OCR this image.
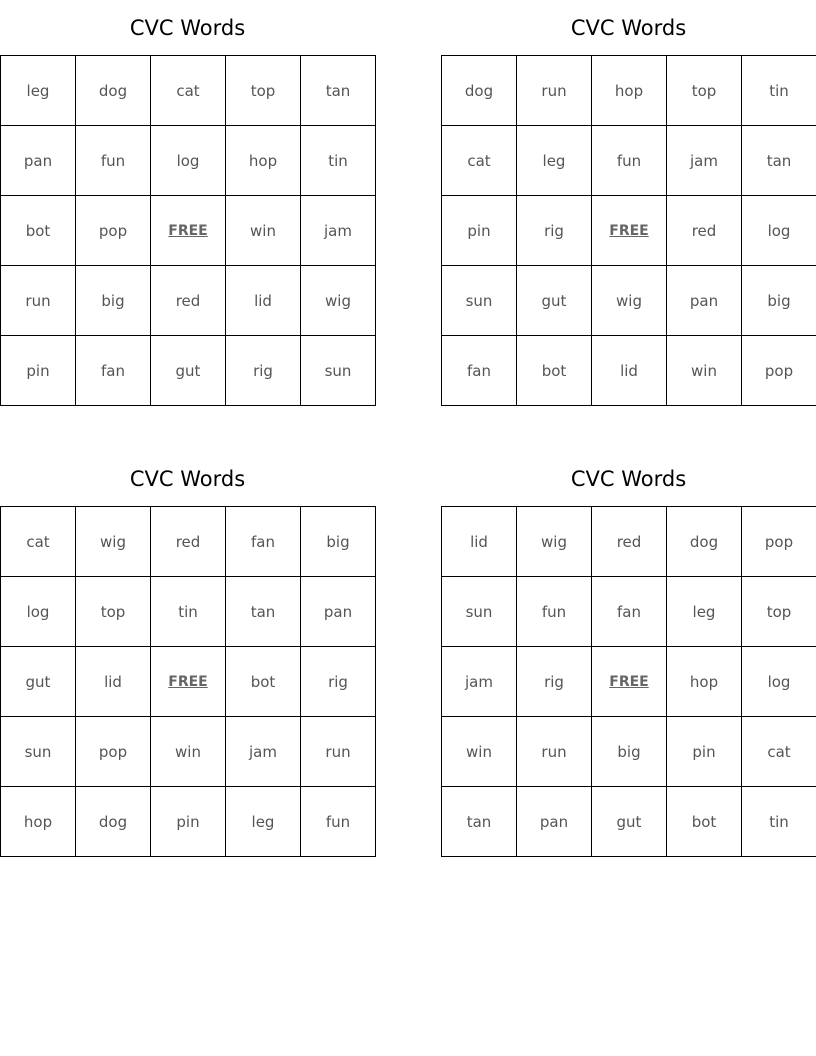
CVC Words
leg	dog	cat	top	tan
pan	fun	log	hop	tin
bot	pop	FREE	win	jam
run	big	red	lid	wig
pin	fan	gut	rig	sun
CVC Words
dog	run	hop	top	tin
cat	leg	fun	jam	tan
pin	rig	FREE	red	log
sun	gut	wig	pan	big
fan	bot	lid	win	pop
CVC Words
cat	wig	red	fan	big
log	top	tin	tan	pan
gut	lid	FREE	bot	rig
sun	pop	win	jam	run
hop	dog	pin	leg	fun
CVC Words
lid	wig	red	dog	pop
sun	fun	fan	leg	top
jam	rig	FREE	hop	log
win	run	big	pin	cat
tan	pan	gut	bot	tin
